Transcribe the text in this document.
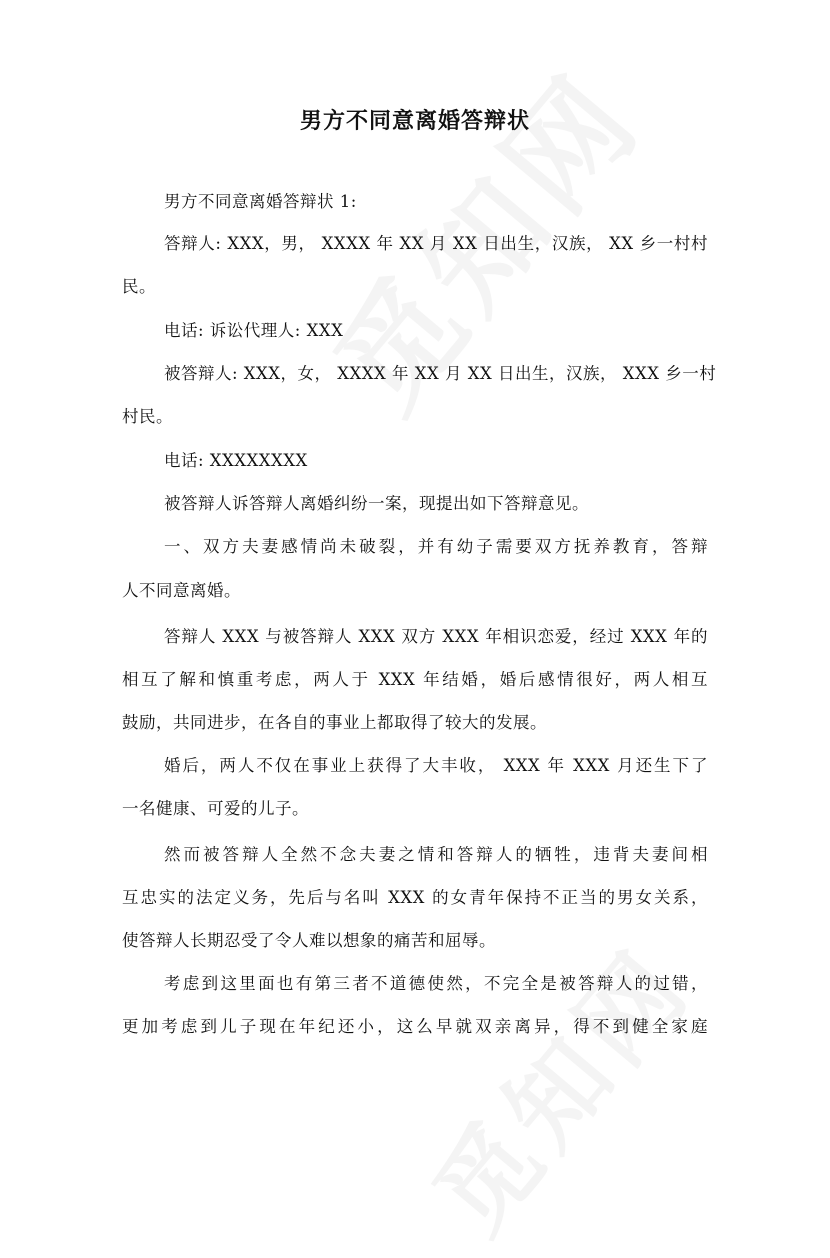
男方不同意离婚答辩状
男方不同意离婚答辩状 1:
答辩人: XXX，男， XXXX 年 XX 月 XX 日出生，汉族， XX 乡一村村
民。
电话: 诉讼代理人: XXX
被答辩人: XXX，女， XXXX 年 XX 月 XX 日出生，汉族， XXX 乡一村
村民。
电话: XXXXXXXX
被答辩人诉答辩人离婚纠纷一案，现提出如下答辩意见。
一、双方夫妻感情尚未破裂，并有幼子需要双方抚养教育，答辩
人不同意离婚。
答辩人 XXX 与被答辩人 XXX 双方 XXX 年相识恋爱，经过 XXX 年的
相互了解和慎重考虑，两人于 XXX 年结婚，婚后感情很好，两人相互
鼓励，共同进步，在各自的事业上都取得了较大的发展。
婚后，两人不仅在事业上获得了大丰收， XXX 年 XXX 月还生下了
一名健康、可爱的儿子。
然而被答辩人全然不念夫妻之情和答辩人的牺牲，违背夫妻间相
互忠实的法定义务，先后与名叫 XXX 的女青年保持不正当的男女关系，
使答辩人长期忍受了令人难以想象的痛苦和屈辱。
考虑到这里面也有第三者不道德使然，不完全是被答辩人的过错，
更加考虑到儿子现在年纪还小，这么早就双亲离异，得不到健全家庭
